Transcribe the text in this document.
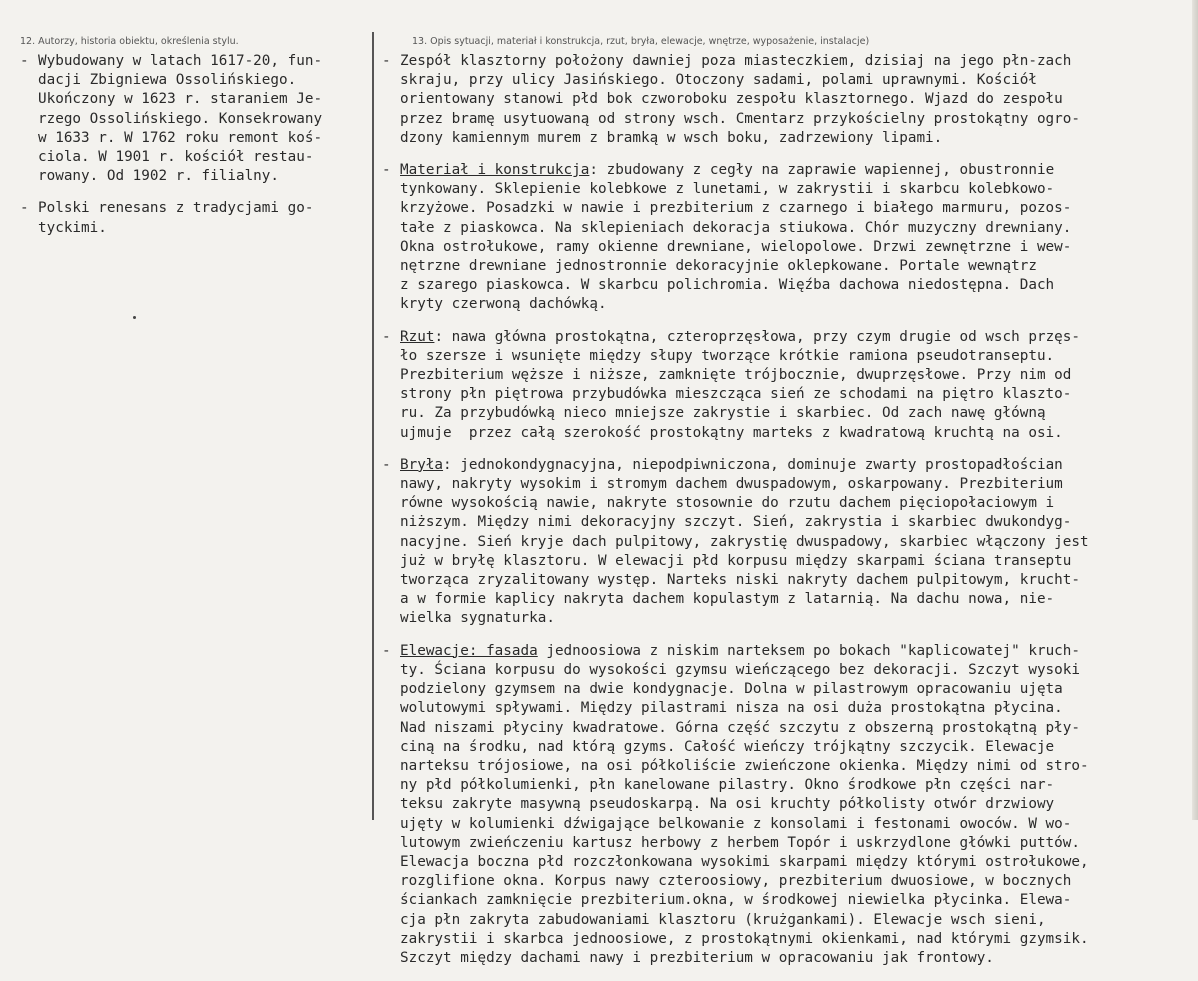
12. Autorzy, historia obiektu, określenia stylu.	13. Opis sytuacji, materiał i konstrukcja, rzut, bryła, elewacje, wnętrze, wyposażenie, instalacje)
- Wybudowany w latach 1617-20, fun-
dacji Zbigniewa Ossolińskiego.
Ukończony w 1623 r. staraniem Je-
rzego Ossolińskiego. Konsekrowany
w 1633 r. W 1762 roku remont koś-
ciola. W 1901 r. kościół restau-
rowany. Od 1902 r. filialny.

- Polski renesans z tradycjami go-
tyckimi.

- Zespół klasztorny położony dawniej poza miasteczkiem, dzisiaj na jego płn-zach
skraju, przy ulicy Jasińskiego. Otoczony sadami, polami uprawnymi. Kościół
orientowany stanowi płd bok czworoboku zespołu klasztornego. Wjazd do zespołu
przez bramę usytuowaną od strony wsch. Cmentarz przykościelny prostokątny ogro-
dzony kamiennym murem z bramką w wsch boku, zadrzewiony lipami.

- Materiał i konstrukcja: zbudowany z cegły na zaprawie wapiennej, obustronnie
tynkowany. Sklepienie kolebkowe z lunetami, w zakrystii i skarbcu kolebkowo-
krzyżowe. Posadzki w nawie i prezbiterium z czarnego i białego marmuru, pozos-
tałe z piaskowca. Na sklepieniach dekoracja stiukowa. Chór muzyczny drewniany.
Okna ostrołukowe, ramy okienne drewniane, wielopolowe. Drzwi zewnętrzne i wew-
nętrzne drewniane jednostronnie dekoracyjnie oklepkowane. Portale wewnątrz
z szarego piaskowca. W skarbcu polichromia. Więźba dachowa niedostępna. Dach
kryty czerwoną dachówką.

- Rzut: nawa główna prostokątna, czteroprzęsłowa, przy czym drugie od wsch przęs-
ło szersze i wsunięte między słupy tworzące krótkie ramiona pseudotranseptu.
Prezbiterium węższe i niższe, zamknięte trójbocznie, dwuprzęsłowe. Przy nim od
strony płn piętrowa przybudówka mieszcząca sień ze schodami na piętro klaszto-
ru. Za przybudówką nieco mniejsze zakrystie i skarbiec. Od zach nawę główną
ujmuje  przez całą szerokość prostokątny marteks z kwadratową kruchtą na osi.

- Bryła: jednokondygnacyjna, niepodpiwniczona, dominuje zwarty prostopadłościan
nawy, nakryty wysokim i stromym dachem dwuspadowym, oskarpowany. Prezbiterium
równe wysokością nawie, nakryte stosownie do rzutu dachem pięciopołaciowym i
niższym. Między nimi dekoracyjny szczyt. Sień, zakrystia i skarbiec dwukondyg-
nacyjne. Sień kryje dach pulpitowy, zakrystię dwuspadowy, skarbiec włączony jest
już w bryłę klasztoru. W elewacji płd korpusu między skarpami ściana transeptu
tworząca zryzalitowany występ. Narteks niski nakryty dachem pulpitowym, krucht-
a w formie kaplicy nakryta dachem kopulastym z latarnią. Na dachu nowa, nie-
wielka sygnaturka.

- Elewacje: fasada jednoosiowa z niskim narteksem po bokach "kaplicowatej" kruch-
ty. Ściana korpusu do wysokości gzymsu wieńczącego bez dekoracji. Szczyt wysoki
podzielony gzymsem na dwie kondygnacje. Dolna w pilastrowym opracowaniu ujęta
wolutowymi spływami. Między pilastrami nisza na osi duża prostokątna płycina.
Nad niszami płyciny kwadratowe. Górna część szczytu z obszerną prostokątną pły-
ciną na środku, nad którą gzyms. Całość wieńczy trójkątny szczycik. Elewacje
narteksu trójosiowe, na osi półkoliście zwieńczone okienka. Między nimi od stro-
ny płd półkolumienki, płn kanelowane pilastry. Okno środkowe płn części nar-
teksu zakryte masywną pseudoskarpą. Na osi kruchty półkolisty otwór drzwiowy
ujęty w kolumienki dźwigające belkowanie z konsolami i festonami owoców. W wo-
lutowym zwieńczeniu kartusz herbowy z herbem Topór i uskrzydlone główki puttów.
Elewacja boczna płd rozczłonkowana wysokimi skarpami między którymi ostrołukowe,
rozglifione okna. Korpus nawy czteroosiowy, prezbiterium dwuosiowe, w bocznych
ściankach zamknięcie prezbiterium.okna, w środkowej niewielka płycinka. Elewa-
cja płn zakryta zabudowaniami klasztoru (krużgankami). Elewacje wsch sieni,
zakrystii i skarbca jednoosiowe, z prostokątnymi okienkami, nad którymi gzymsik.
Szczyt między dachami nawy i prezbiterium w opracowaniu jak frontowy.
